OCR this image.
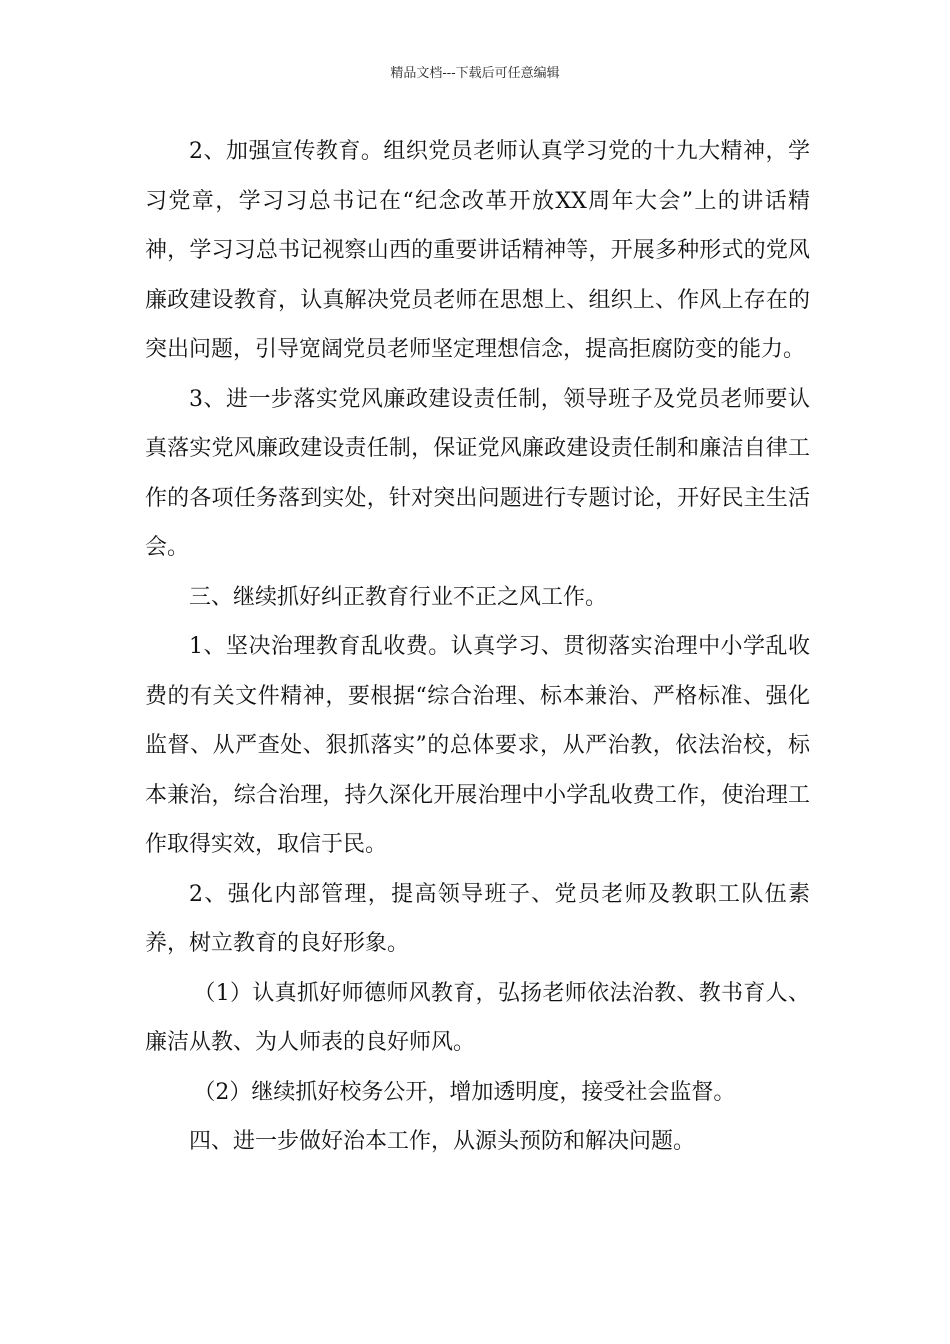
精品文档---下载后可任意编辑

2、加强宣传教育。组织党员老师认真学习党的十九大精神，学习党章，学习习总书记在“纪念改革开放XX周年大会”上的讲话精神，学习习总书记视察山西的重要讲话精神等，开展多种形式的党风廉政建设教育，认真解决党员老师在思想上、组织上、作风上存在的突出问题，引导宽阔党员老师坚定理想信念，提高拒腐防变的能力。

3、进一步落实党风廉政建设责任制，领导班子及党员老师要认真落实党风廉政建设责任制，保证党风廉政建设责任制和廉洁自律工作的各项任务落到实处，针对突出问题进行专题讨论，开好民主生活会。

三、继续抓好纠正教育行业不正之风工作。

1、坚决治理教育乱收费。认真学习、贯彻落实治理中小学乱收费的有关文件精神，要根据“综合治理、标本兼治、严格标准、强化监督、从严查处、狠抓落实”的总体要求，从严治教，依法治校，标本兼治，综合治理，持久深化开展治理中小学乱收费工作，使治理工作取得实效，取信于民。

2、强化内部管理，提高领导班子、党员老师及教职工队伍素养，树立教育的良好形象。

（1）认真抓好师德师风教育，弘扬老师依法治教、教书育人、廉洁从教、为人师表的良好师风。

（2）继续抓好校务公开，增加透明度，接受社会监督。

四、进一步做好治本工作，从源头预防和解决问题。
